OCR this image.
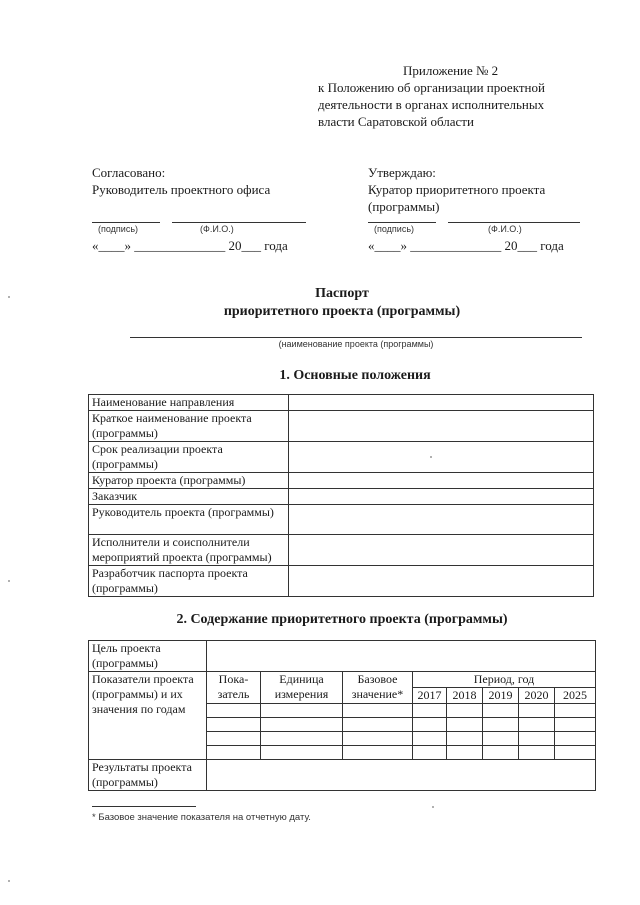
Приложение № 2
к Положению об организации проектной
деятельности в органах исполнительных
власти Саратовской области
Согласовано:
Руководитель проектного офиса
(подпись)	(Ф.И.О.)
«____» ______________ 20___ года
Утверждаю:
Куратор приоритетного проекта
(программы)
(подпись)	(Ф.И.О.)
«____» ______________ 20___ года
Паспорт
приоритетного проекта (программы)
(наименование проекта (программы)
1. Основные положения
Наименование направления	
Краткое наименование проекта (программы)	
Срок реализации проекта (программы)	
Куратор проекта (программы)	
Заказчик	
Руководитель проекта (программы)	
Исполнители и соисполнители мероприятий проекта (программы)	
Разработчик паспорта проекта (программы)	
2. Содержание приоритетного проекта (программы)
Цель проекта (программы)								
Показатели проекта (программы) и их значения по годам	Пока-затель	Единица измерения	Базовое значение*	Период, год				
				2017	2018	2019	2020	2025

Результаты проекта (программы)								
* Базовое значение показателя на отчетную дату.
